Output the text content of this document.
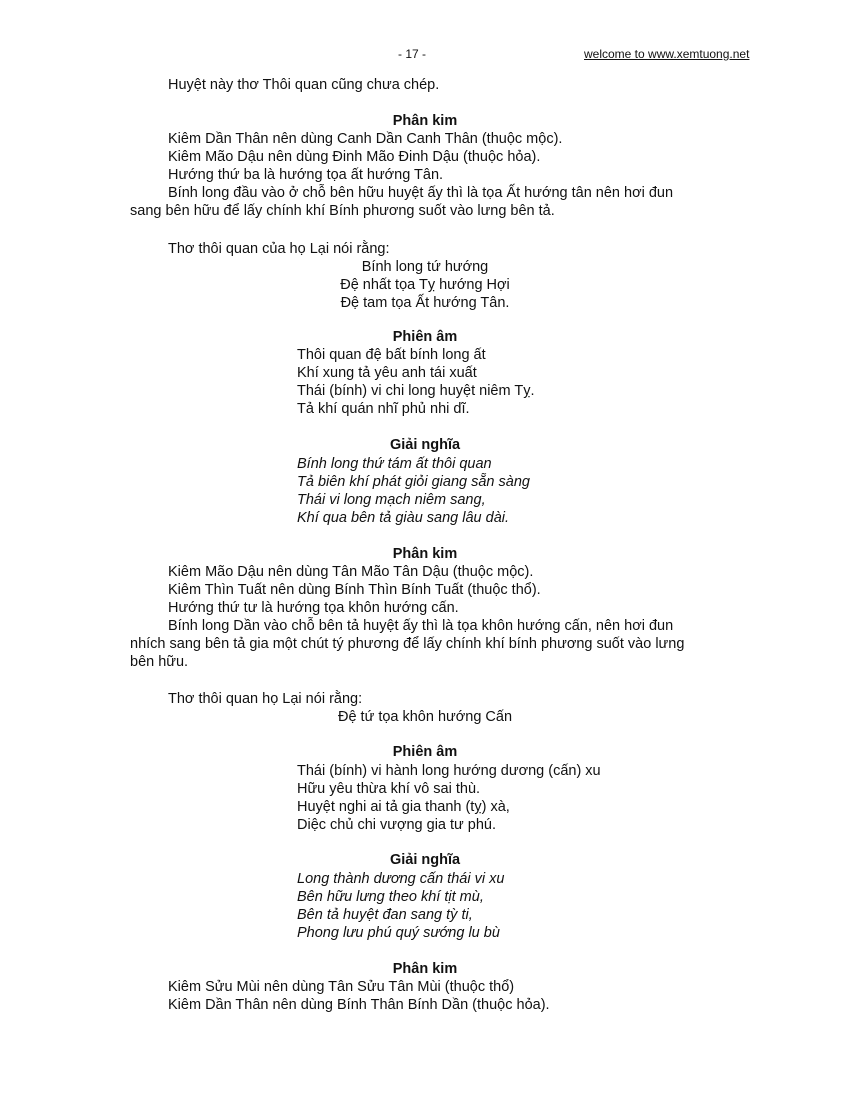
- 17 -	welcome to www.xemtuong.net
Huyệt này thơ Thôi quan cũng chưa chép.
Phân kim
Kiêm Dần Thân nên dùng Canh Dần Canh Thân (thuộc mộc).
Kiêm Mão Dậu nên dùng Đinh Mão Đinh Dậu (thuộc hỏa).
Hướng thứ ba là hướng tọa ất hướng Tân.
Bính long đầu vào ở chỗ bên hữu huyệt ấy thì là tọa Ất hướng tân nên hơi đun
sang bên hữu để lấy chính khí Bính phương suốt vào lưng bên tả.
Thơ thôi quan của họ Lại nói rằng:
Bính long tứ hướng
Đệ nhất tọa Tỵ hướng Hợi
Đệ tam tọa Ất hướng Tân.
Phiên âm
Thôi quan đệ bất bính long ất
Khí xung tả yêu anh tái xuất
Thái (bính) vi chi long huyệt niêm Tỵ.
Tả khí quán nhĩ phủ nhi dĩ.
Giải nghĩa
Bính long thứ tám ất thôi quan
Tả biên khí phát giỏi giang sẵn sàng
Thái vi long mạch niêm sang,
Khí qua bên tả giàu sang lâu dài.
Phân kim
Kiêm Mão Dậu nên dùng Tân Mão Tân Dậu (thuộc mộc).
Kiêm Thìn Tuất nên dùng Bính Thìn Bính Tuất (thuộc thổ).
Hướng thứ tư là hướng tọa khôn hướng cấn.
Bính long Dần vào chỗ bên tả huyệt ấy thì là tọa khôn hướng cấn, nên hơi đun
nhích sang bên tả gia một chút tý phương để lấy chính khí bính phương suốt vào lưng
bên hữu.
Thơ thôi quan họ Lại nói rằng:
Đệ tứ tọa khôn hướng Cấn
Phiên âm
Thái (bính) vi hành long hướng dương (cấn) xu
Hữu yêu thừa khí vô sai thù.
Huyệt nghi ai tả gia thanh (tỵ) xà,
Diệc chủ chi vượng gia tư phú.
Giải nghĩa
Long thành dương cấn thái vi xu
Bên hữu lưng theo khí tịt mù,
Bên tả huyệt đan sang tỳ ti,
Phong lưu phú quý sướng lu bù
Phân kim
Kiêm Sửu Mùi nên dùng Tân Sửu Tân Mùi (thuộc thổ)
Kiêm Dần Thân nên dùng Bính Thân Bính Dần (thuộc hỏa).
